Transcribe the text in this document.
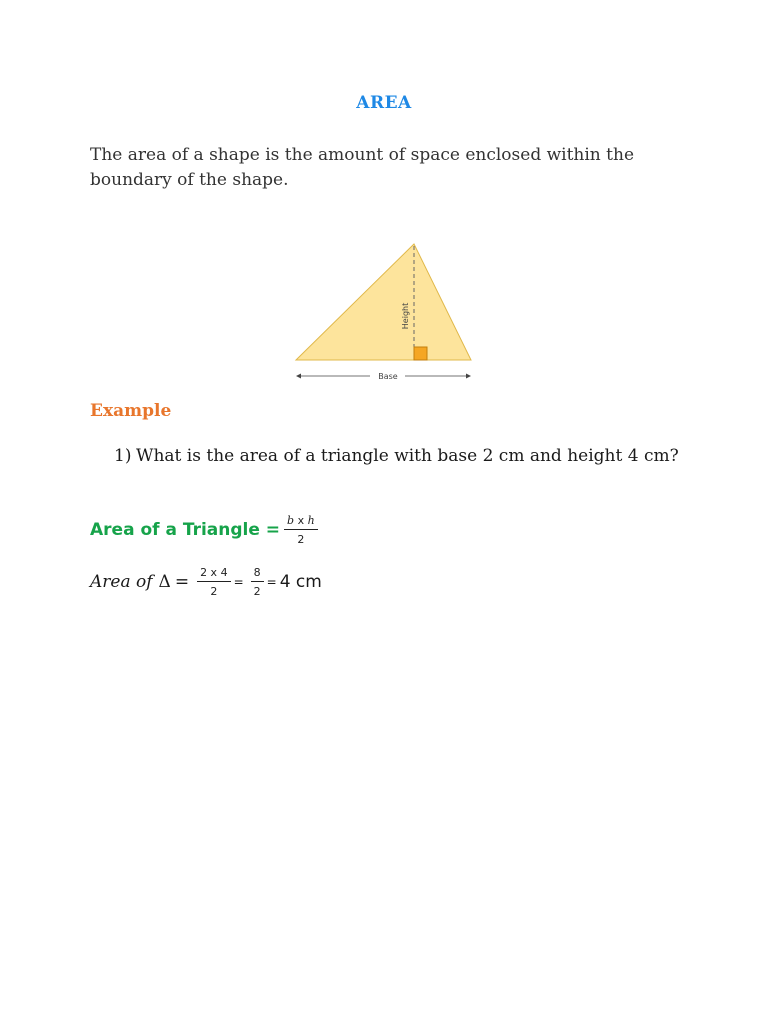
AREA

The area of a shape is the amount of space enclosed within the boundary of the shape.

Height
Base
Example
1) What is the area of a triangle with base 2 cm and height 4 cm?
Area of a Triangle = $\frac{\text{b x h}}{2}$
Area of $\Delta = \frac{2 x 4}{2} = \frac{8}{2} = 4$ cm
